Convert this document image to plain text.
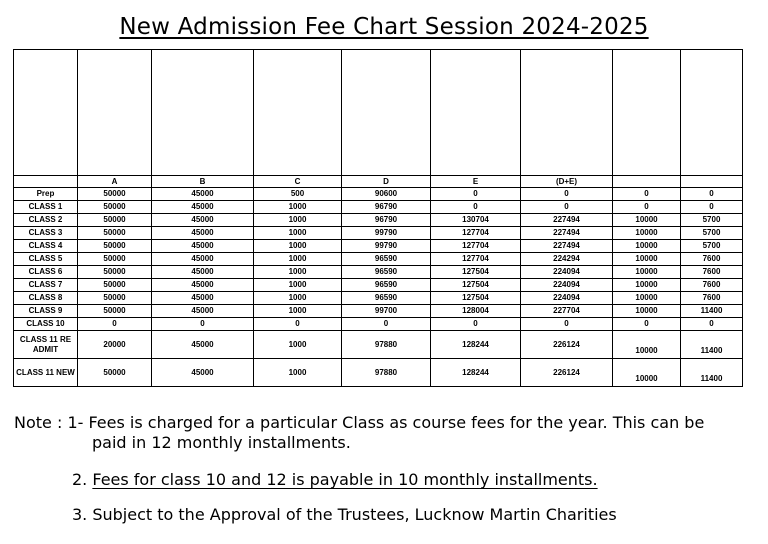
New Admission Fee Chart Session 2024-2025

	A	B	C	D	E	(D+E)		
Prep	50000	45000	500	90600	0	0	0	0
CLASS 1	50000	45000	1000	96790	0	0	0	0
CLASS 2	50000	45000	1000	96790	130704	227494	10000	5700
CLASS 3	50000	45000	1000	99790	127704	227494	10000	5700
CLASS 4	50000	45000	1000	99790	127704	227494	10000	5700
CLASS 5	50000	45000	1000	96590	127704	224294	10000	7600
CLASS 6	50000	45000	1000	96590	127504	224094	10000	7600
CLASS 7	50000	45000	1000	96590	127504	224094	10000	7600
CLASS 8	50000	45000	1000	96590	127504	224094	10000	7600
CLASS 9	50000	45000	1000	99700	128004	227704	10000	11400
CLASS 10	0	0	0	0	0	0	0	0
CLASS 11 RE ADMIT	20000	45000	1000	97880	128244	226124	10000	11400
CLASS 11 NEW	50000	45000	1000	97880	128244	226124	10000	11400

Note : 1- Fees is charged for a particular Class as course fees for the year. This can be
paid in 12 monthly installments.

2. Fees for class 10 and 12 is payable in 10 monthly installments.

3. Subject to the Approval of the Trustees, Lucknow Martin Charities
